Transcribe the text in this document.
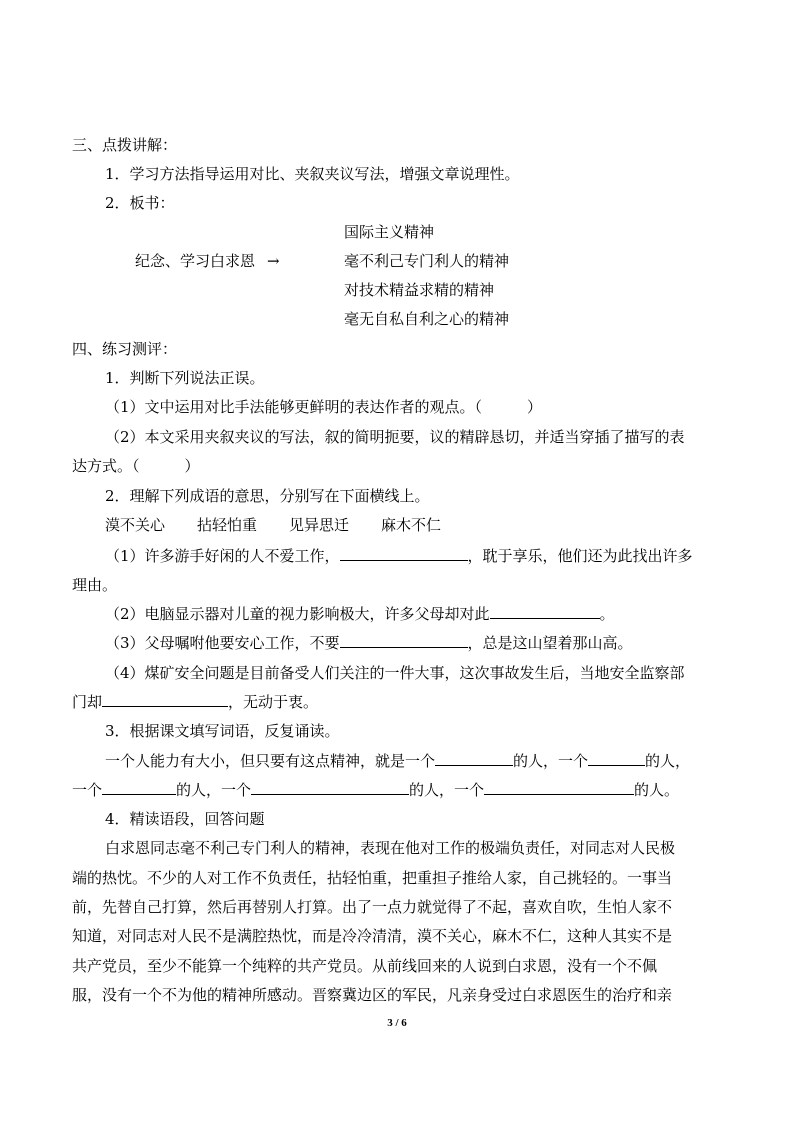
三、点拨讲解：
1．学习方法指导运用对比、夹叙夹议写法，增强文章说理性。
2．板书：
国际主义精神
纪念、学习白求恩 →	毫不利己专门利人的精神
对技术精益求精的精神
毫无自私自利之心的精神
四、练习测评：
1．判断下列说法正误。
（1）文中运用对比手法能够更鲜明的表达作者的观点。（　　　）
（2）本文采用夹叙夹议的写法，叙的简明扼要，议的精辟恳切，并适当穿插了描写的表
达方式。（　　　）
2．理解下列成语的意思，分别写在下面横线上。
漠不关心 拈轻怕重 见异思迁 麻木不仁
（1）许多游手好闲的人不爱工作，	，耽于享乐，他们还为此找出许多
理由。
（2）电脑显示器对儿童的视力影响极大，许多父母却对此	。
（3）父母嘱咐他要安心工作，不要	，总是这山望着那山高。
（4）煤矿安全问题是目前备受人们关注的一件大事，这次事故发生后，当地安全监察部
门却	，无动于衷。
3．根据课文填写词语，反复诵读。
一个人能力有大小，但只要有这点精神，就是一个	的人，一个	的人，
一个	的人，一个	的人，一个	的人。
4．精读语段，回答问题
白求恩同志毫不利己专门利人的精神，表现在他对工作的极端负责任，对同志对人民极
端的热忱。不少的人对工作不负责任，拈轻怕重，把重担子推给人家，自己挑轻的。一事当
前，先替自己打算，然后再替别人打算。出了一点力就觉得了不起，喜欢自吹，生怕人家不
知道，对同志对人民不是满腔热忱，而是冷冷清清，漠不关心，麻木不仁，这种人其实不是
共产党员，至少不能算一个纯粹的共产党员。从前线回来的人说到白求恩，没有一个不佩
服，没有一个不为他的精神所感动。晋察冀边区的军民，凡亲身受过白求恩医生的治疗和亲
3 / 6
